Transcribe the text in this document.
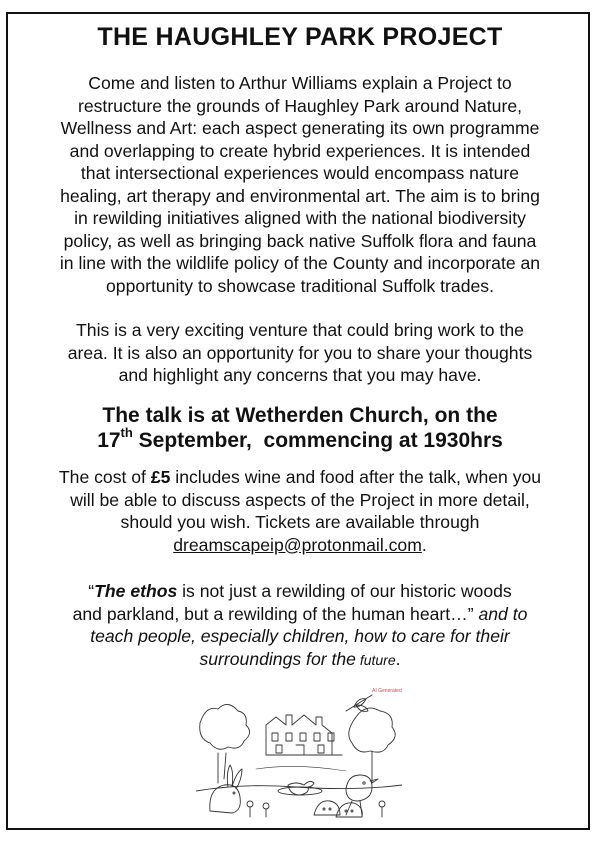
THE HAUGHLEY PARK PROJECT

Come and listen to Arthur Williams explain a Project to
restructure the grounds of Haughley Park around Nature,
Wellness and Art: each aspect generating its own programme
and overlapping to create hybrid experiences. It is intended
that intersectional experiences would encompass nature
healing, art therapy and environmental art. The aim is to bring
in rewilding initiatives aligned with the national biodiversity
policy, as well as bringing back native Suffolk flora and fauna
in line with the wildlife policy of the County and incorporate an
opportunity to showcase traditional Suffolk trades.

This is a very exciting venture that could bring work to the
area. It is also an opportunity for you to share your thoughts
and highlight any concerns that you may have.

The talk is at Wetherden Church, on the
17th September,  commencing at 1930hrs

The cost of £5 includes wine and food after the talk, when you
will be able to discuss aspects of the Project in more detail,
should you wish. Tickets are available through
dreamscapeip@protonmail.com.

“The ethos is not just a rewilding of our historic woods
and parkland, but a rewilding of the human heart…” and to
teach people, especially children, how to care for their
surroundings for the future.

AI Generated
